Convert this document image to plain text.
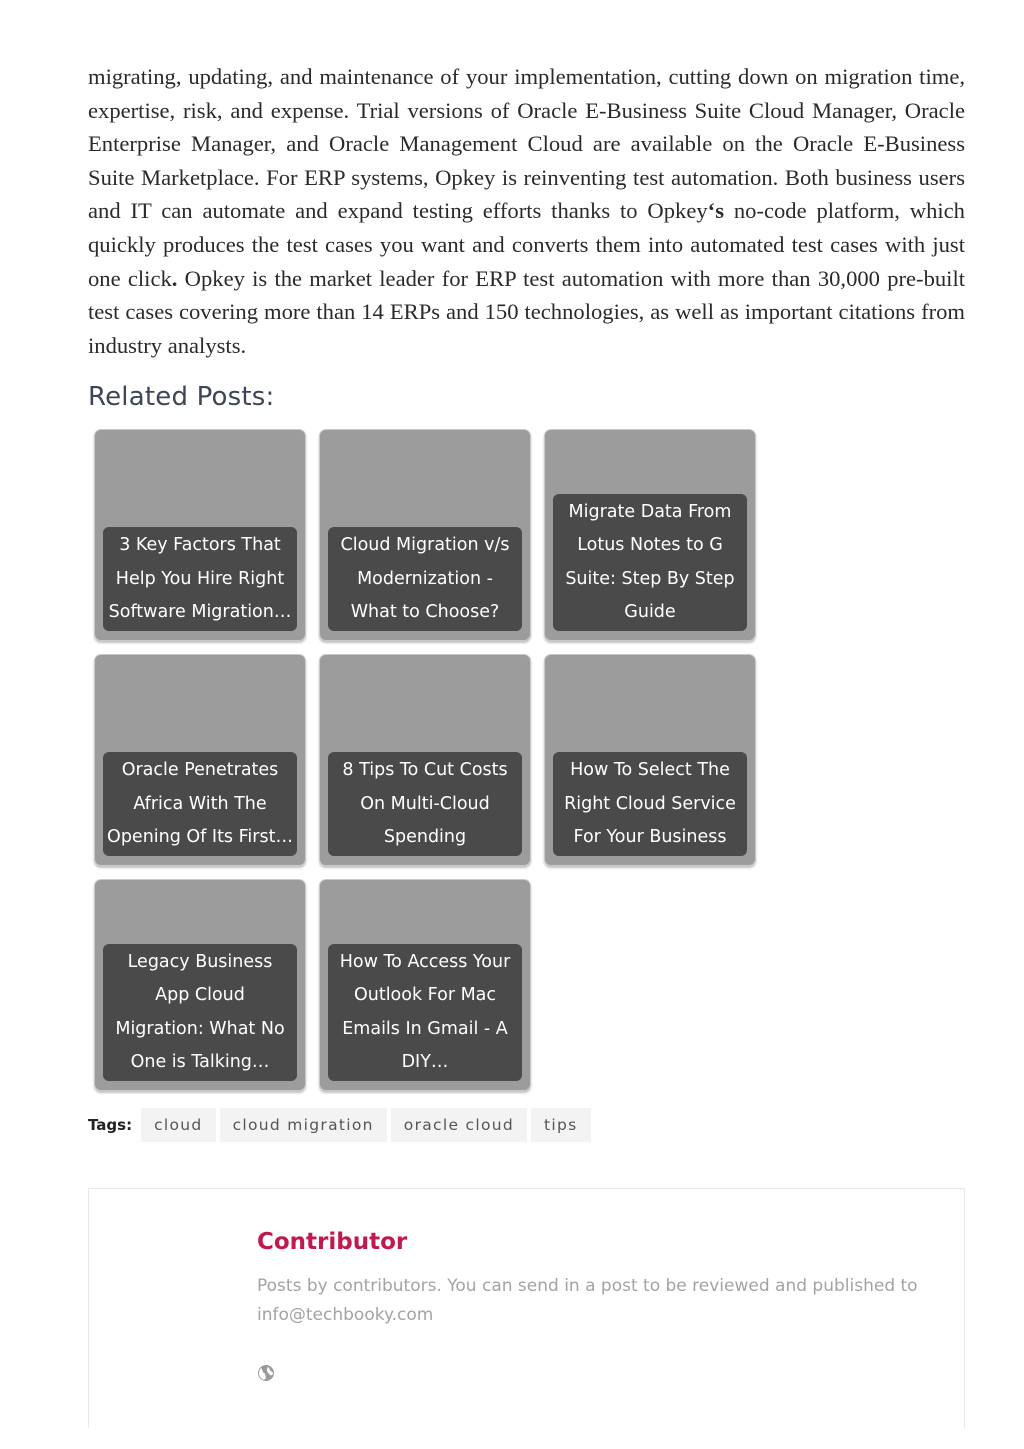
migrating, updating, and maintenance of your implementation, cutting down on migration time, expertise, risk, and expense. Trial versions of Oracle E-Business Suite Cloud Manager, Oracle Enterprise Manager, and Oracle Management Cloud are available on the Oracle E-Business Suite Marketplace. For ERP systems, Opkey is reinventing test automation. Both business users and IT can automate and expand testing efforts thanks to Opkey‘s no-code platform, which quickly produces the test cases you want and converts them into automated test cases with just one click. Opkey is the market leader for ERP test automation with more than 30,000 pre-built test cases covering more than 14 ERPs and 150 technologies, as well as important citations from industry analysts.

Related Posts:
3 Key Factors That
Help You Hire Right
Software Migration…
Cloud Migration v/s
Modernization -
What to Choose?
Migrate Data From
Lotus Notes to G
Suite: Step By Step
Guide
Oracle Penetrates
Africa With The
Opening Of Its First…
8 Tips To Cut Costs
On Multi-Cloud
Spending
How To Select The
Right Cloud Service
For Your Business
Legacy Business
App Cloud
Migration: What No
One is Talking…
How To Access Your
Outlook For Mac
Emails In Gmail - A
DIY…
Tags:	cloud	cloud migration	oracle cloud	tips
Contributor

Posts by contributors. You can send in a post to be reviewed and published to info@techbooky.com
